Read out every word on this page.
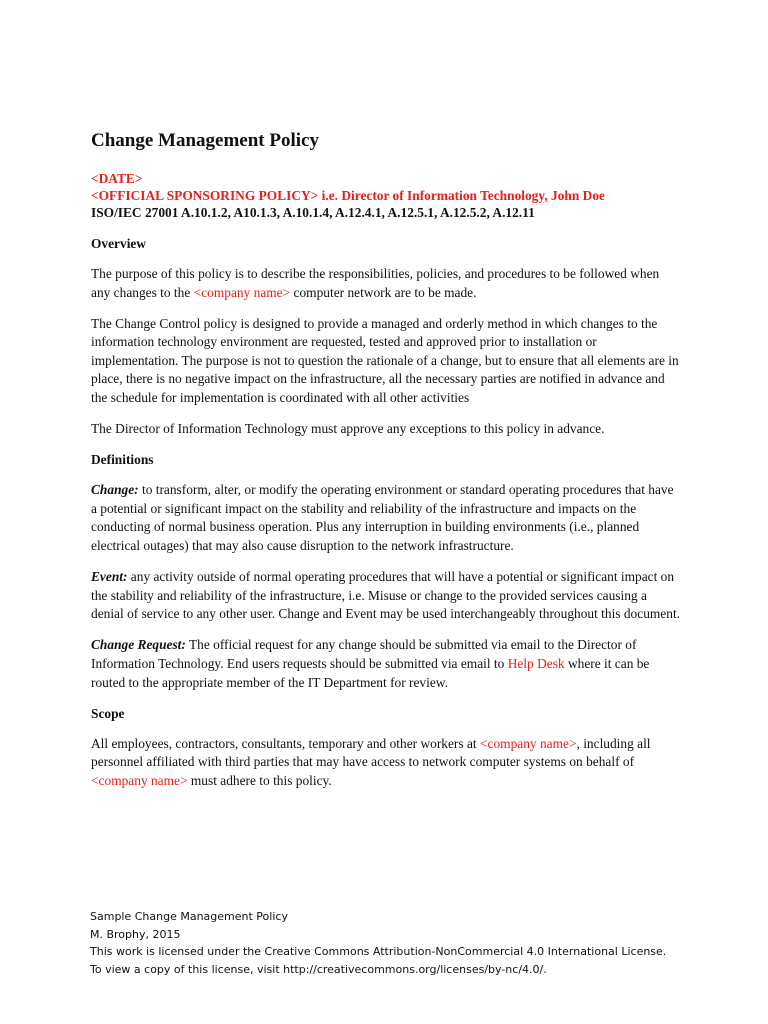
Change Management Policy
<DATE>
<OFFICIAL SPONSORING POLICY> i.e. Director of Information Technology, John Doe
ISO/IEC 27001 A.10.1.2, A10.1.3, A.10.1.4, A.12.4.1, A.12.5.1, A.12.5.2, A.12.11
Overview

The purpose of this policy is to describe the responsibilities, policies, and procedures to be followed when any changes to the <company name> computer network are to be made.

The Change Control policy is designed to provide a managed and orderly method in which changes to the information technology environment are requested, tested and approved prior to installation or implementation. The purpose is not to question the rationale of a change, but to ensure that all elements are in place, there is no negative impact on the infrastructure, all the necessary parties are notified in advance and the schedule for implementation is coordinated with all other activities

The Director of Information Technology must approve any exceptions to this policy in advance.

Definitions

Change: to transform, alter, or modify the operating environment or standard operating procedures that have a potential or significant impact on the stability and reliability of the infrastructure and impacts on the conducting of normal business operation. Plus any interruption in building environments (i.e., planned electrical outages) that may also cause disruption to the network infrastructure.

Event: any activity outside of normal operating procedures that will have a potential or significant impact on the stability and reliability of the infrastructure, i.e. Misuse or change to the provided services causing a denial of service to any other user. Change and Event may be used interchangeably throughout this document.

Change Request: The official request for any change should be submitted via email to the Director of Information Technology. End users requests should be submitted via email to Help Desk where it can be routed to the appropriate member of the IT Department for review.

Scope

All employees, contractors, consultants, temporary and other workers at <company name>, including all personnel affiliated with third parties that may have access to network computer systems on behalf of <company name> must adhere to this policy.

Sample Change Management Policy
M. Brophy, 2015
This work is licensed under the Creative Commons Attribution-NonCommercial 4.0 International License.
To view a copy of this license, visit http://creativecommons.org/licenses/by-nc/4.0/.
